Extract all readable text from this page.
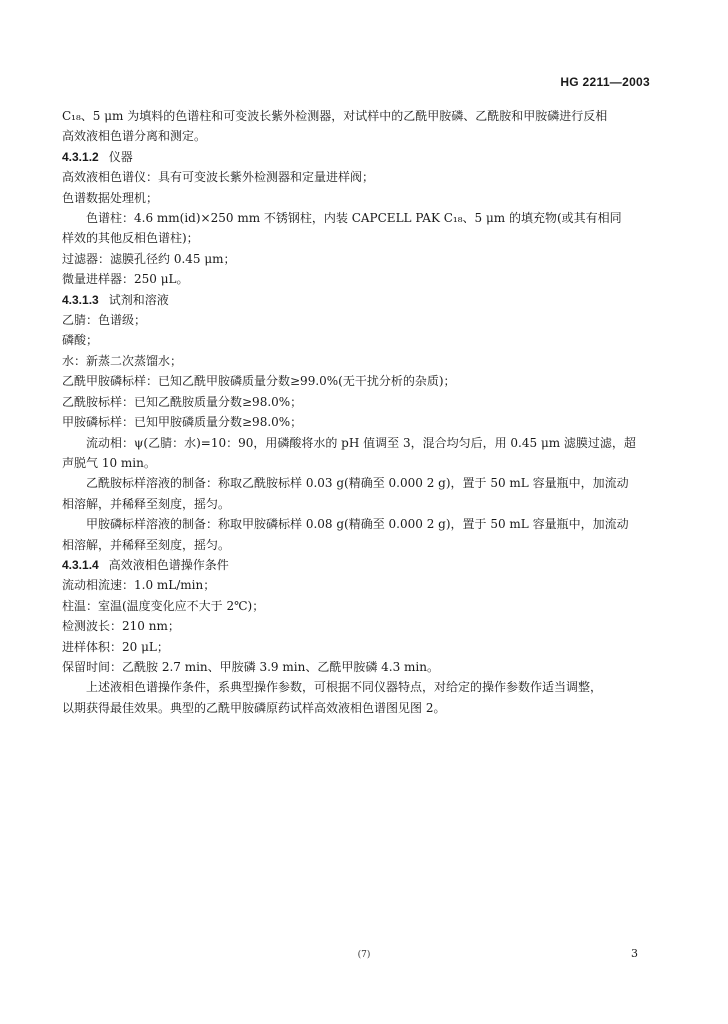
HG 2211—2003

C₁₈、5 μm 为填料的色谱柱和可变波长紫外检测器，对试样中的乙酰甲胺磷、乙酰胺和甲胺磷进行反相

高效液相色谱分离和测定。

4.3.1.2 仪器

高效液相色谱仪：具有可变波长紫外检测器和定量进样阀；

色谱数据处理机；

色谱柱：4.6 mm(id)×250 mm 不锈钢柱，内装 CAPCELL PAK C₁₈、5 μm 的填充物(或其有相同

样效的其他反相色谱柱)；

过滤器：滤膜孔径约 0.45 μm；

微量进样器：250 μL。

4.3.1.3 试剂和溶液

乙腈：色谱级；

磷酸；

水：新蒸二次蒸馏水；

乙酰甲胺磷标样：已知乙酰甲胺磷质量分数≥99.0%(无干扰分析的杂质)；

乙酰胺标样：已知乙酰胺质量分数≥98.0%；

甲胺磷标样：已知甲胺磷质量分数≥98.0%；

流动相：ψ(乙腈：水)=10：90，用磷酸将水的 pH 值调至 3，混合均匀后，用 0.45 μm 滤膜过滤，超

声脱气 10 min。

乙酰胺标样溶液的制备：称取乙酰胺标样 0.03 g(精确至 0.000 2 g)，置于 50 mL 容量瓶中，加流动

相溶解，并稀释至刻度，摇匀。

甲胺磷标样溶液的制备：称取甲胺磷标样 0.08 g(精确至 0.000 2 g)，置于 50 mL 容量瓶中，加流动

相溶解，并稀释至刻度，摇匀。

4.3.1.4 高效液相色谱操作条件

流动相流速：1.0 mL/min；

柱温：室温(温度变化应不大于 2℃)；

检测波长：210 nm；

进样体积：20 μL；

保留时间：乙酰胺 2.7 min、甲胺磷 3.9 min、乙酰甲胺磷 4.3 min。

上述液相色谱操作条件，系典型操作参数，可根据不同仪器特点，对给定的操作参数作适当调整，

以期获得最佳效果。典型的乙酰甲胺磷原药试样高效液相色谱图见图 2。

(7)	3
